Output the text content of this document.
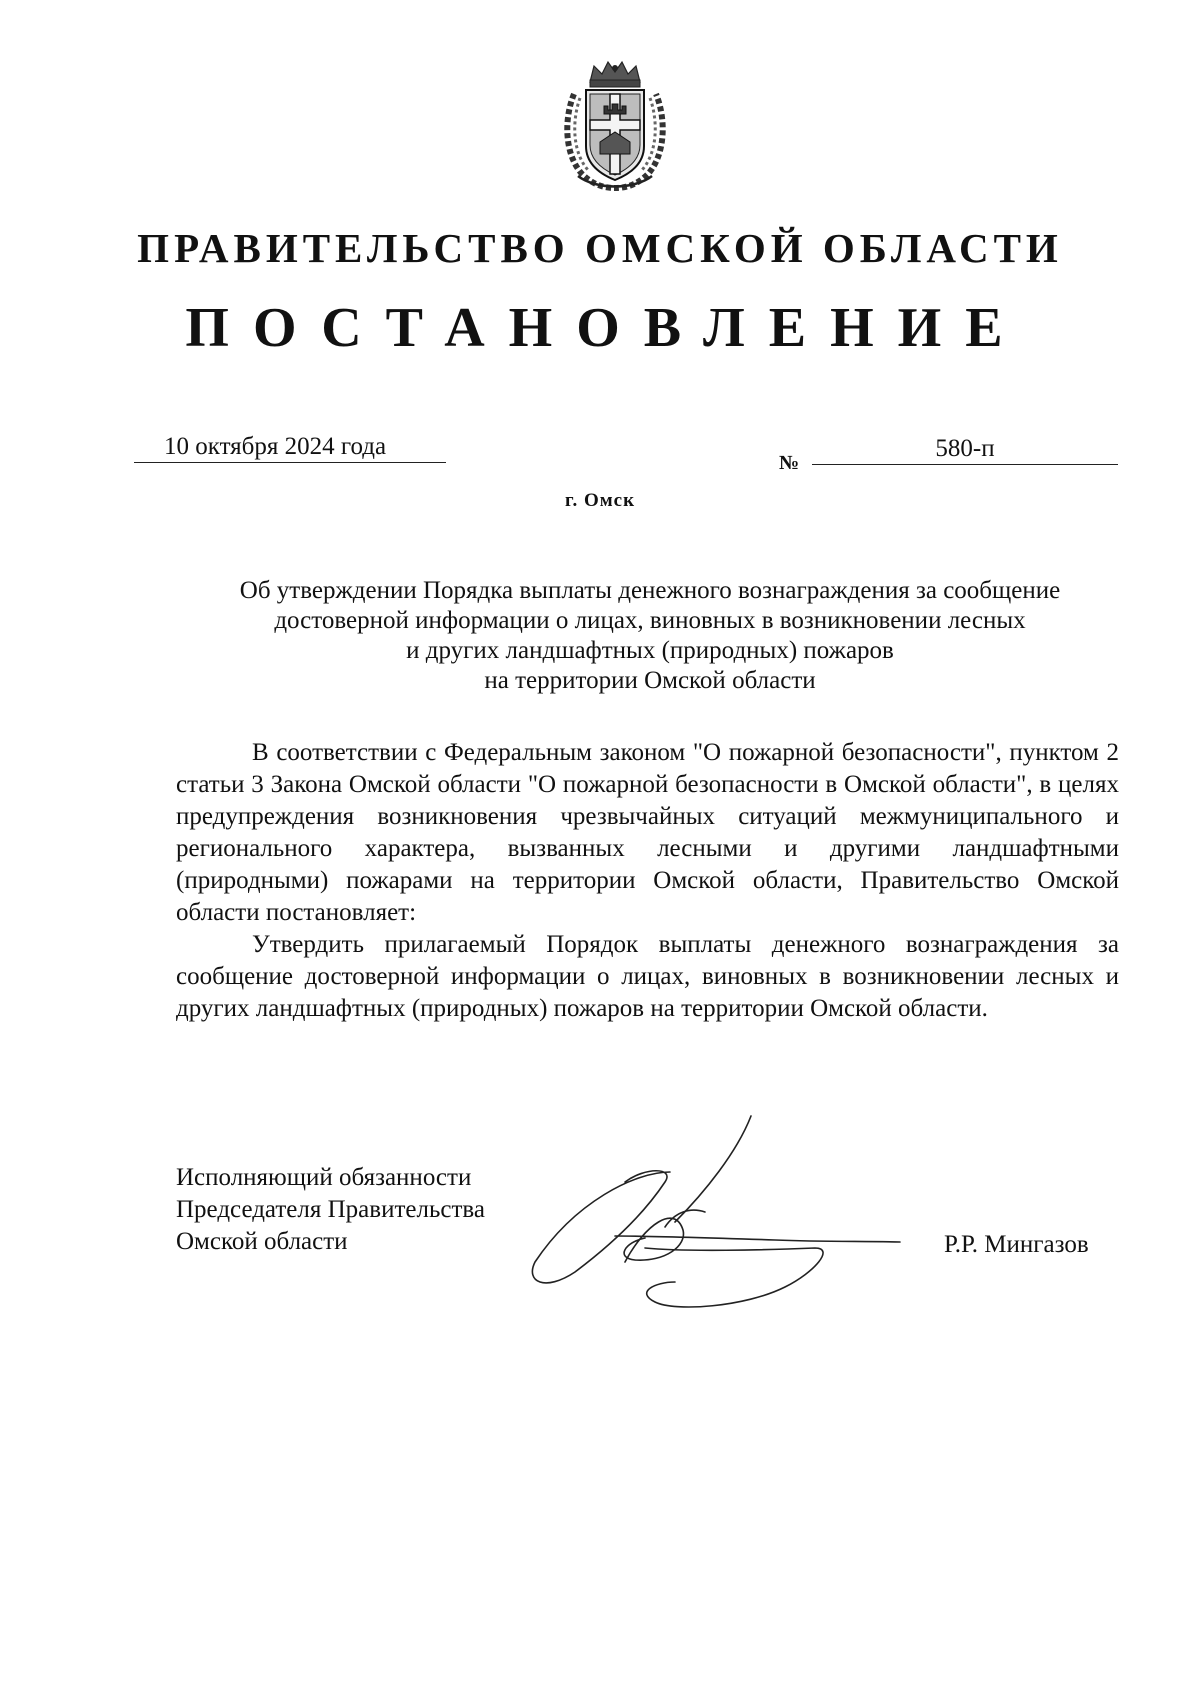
ПРАВИТЕЛЬСТВО ОМСКОЙ ОБЛАСТИ
ПОСТАНОВЛЕНИЕ
10 октября 2024 года
№
580-п
г. Омск
Об утверждении Порядка выплаты денежного вознаграждения за сообщение
достоверной информации о лицах, виновных в возникновении лесных
и других ландшафтных (природных) пожаров
на территории Омской области

В соответствии с Федеральным законом "О пожарной безопасности", пунктом 2 статьи 3 Закона Омской области "О пожарной безопасности в Омской области", в целях предупреждения возникновения чрезвычайных ситуаций межмуниципального и регионального характера, вызванных лесными и другими ландшафтными (природными) пожарами на территории Омской области, Правительство Омской области постановляет:

Утвердить прилагаемый Порядок выплаты денежного вознаграждения за сообщение достоверной информации о лицах, виновных в возникновении лесных и других ландшафтных (природных) пожаров на территории Омской области.

Исполняющий обязанности
Председателя Правительства
Омской области	Р.Р. Мингазов
